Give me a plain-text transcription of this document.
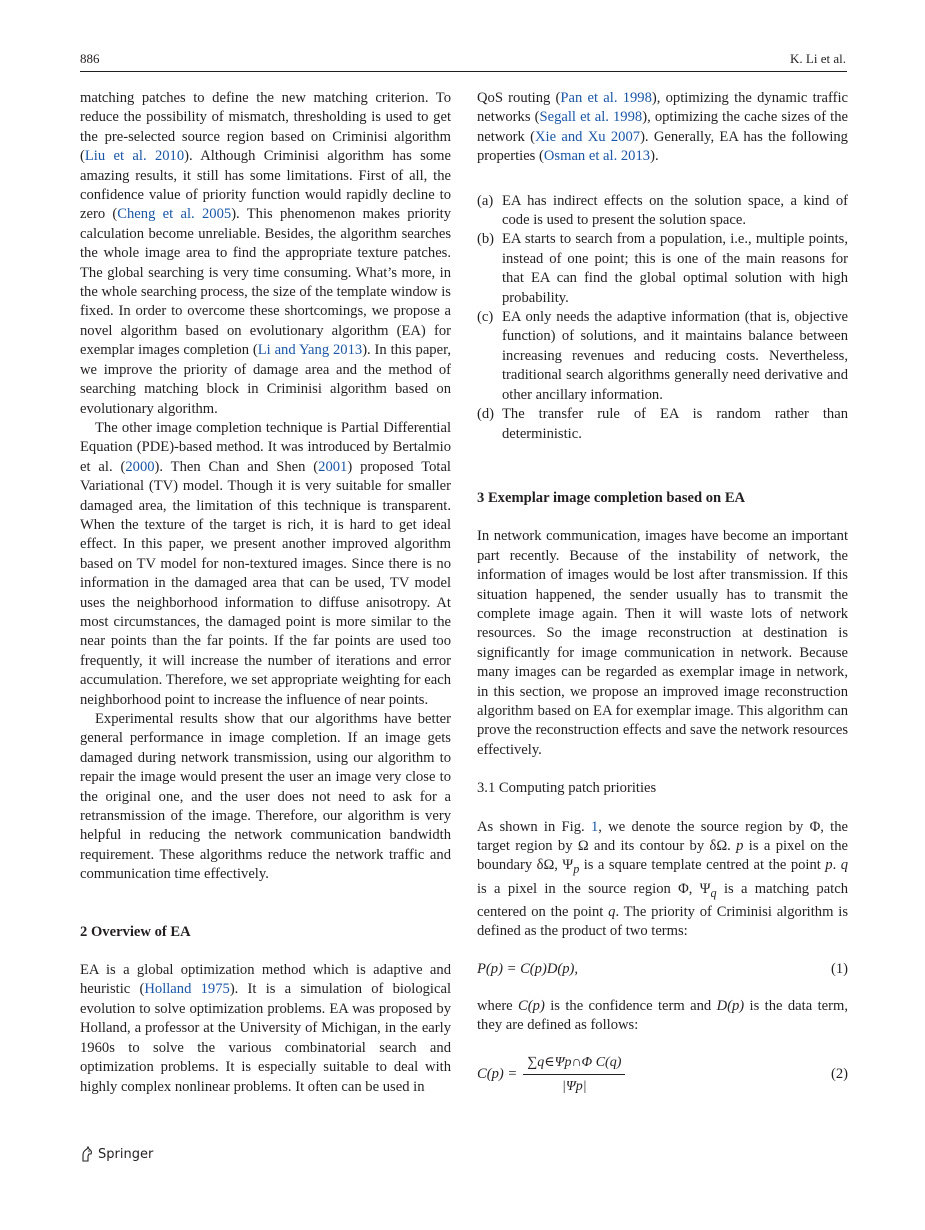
886	K. Li et al.

matching patches to define the new matching criterion. To reduce the possibility of mismatch, thresholding is used to get the pre-selected source region based on Criminisi algorithm (Liu et al. 2010). Although Criminisi algorithm has some amazing results, it still has some limitations. First of all, the confidence value of priority function would rapidly decline to zero (Cheng et al. 2005). This phenomenon makes priority calculation become unreliable. Besides, the algorithm searches the whole image area to find the appropriate texture patches. The global searching is very time consuming. What’s more, in the whole searching process, the size of the template window is fixed. In order to overcome these shortcomings, we propose a novel algorithm based on evolutionary algorithm (EA) for exemplar images completion (Li and Yang 2013). In this paper, we improve the priority of damage area and the method of searching matching block in Criminisi algorithm based on evolutionary algorithm.

The other image completion technique is Partial Differential Equation (PDE)-based method. It was introduced by Bertalmio et al. (2000). Then Chan and Shen (2001) proposed Total Variational (TV) model. Though it is very suitable for smaller damaged area, the limitation of this technique is transparent. When the texture of the target is rich, it is hard to get ideal effect. In this paper, we present another improved algorithm based on TV model for non-textured images. Since there is no information in the damaged area that can be used, TV model uses the neighborhood information to diffuse anisotropy. At most circumstances, the damaged point is more similar to the near points than the far points. If the far points are used too frequently, it will increase the number of iterations and error accumulation. Therefore, we set appropriate weighting for each neighborhood point to increase the influence of near points.

Experimental results show that our algorithms have better general performance in image completion. If an image gets damaged during network transmission, using our algorithm to repair the image would present the user an image very close to the original one, and the user does not need to ask for a retransmission of the image. Therefore, our algorithm is very helpful in reducing the network communication bandwidth requirement. These algorithms reduce the network traffic and communication time effectively.

2 Overview of EA

EA is a global optimization method which is adaptive and heuristic (Holland 1975). It is a simulation of biological evolution to solve optimization problems. EA was proposed by Holland, a professor at the University of Michigan, in the early 1960s to solve the various combinatorial search and optimization problems. It is especially suitable to deal with highly complex nonlinear problems. It often can be used in

QoS routing (Pan et al. 1998), optimizing the dynamic traffic networks (Segall et al. 1998), optimizing the cache sizes of the network (Xie and Xu 2007). Generally, EA has the following properties (Osman et al. 2013).

(a) EA has indirect effects on the solution space, a kind of code is used to present the solution space.
(b) EA starts to search from a population, i.e., multiple points, instead of one point; this is one of the main reasons for that EA can find the global optimal solution with high probability.
(c) EA only needs the adaptive information (that is, objective function) of solutions, and it maintains balance between increasing revenues and reducing costs. Nevertheless, traditional search algorithms generally need derivative and other ancillary information.
(d) The transfer rule of EA is random rather than deterministic.
3 Exemplar image completion based on EA

In network communication, images have become an important part recently. Because of the instability of network, the information of images would be lost after transmission. If this situation happened, the sender usually has to transmit the complete image again. Then it will waste lots of network resources. So the image reconstruction at destination is significantly for image communication in network. Because many images can be regarded as exemplar image in network, in this section, we propose an improved image reconstruction algorithm based on EA for exemplar image. This algorithm can prove the reconstruction effects and save the network resources effectively.

3.1 Computing patch priorities

As shown in Fig. 1, we denote the source region by Φ, the target region by Ω and its contour by δΩ. p is a pixel on the boundary δΩ, $\Psi_p$ is a square template centred at the point p. q is a pixel in the source region Φ, $\Psi_q$ is a matching patch centered on the point q. The priority of Criminisi algorithm is defined as the product of two terms:

P(p) = C(p)D(p),	(1)

where C(p) is the confidence term and D(p) is the data term, they are defined as follows:

$C(p) = \frac{\text{∑q∈Ψp∩Φ C(q)}}{|\Psi p|}$	(2)
Springer
